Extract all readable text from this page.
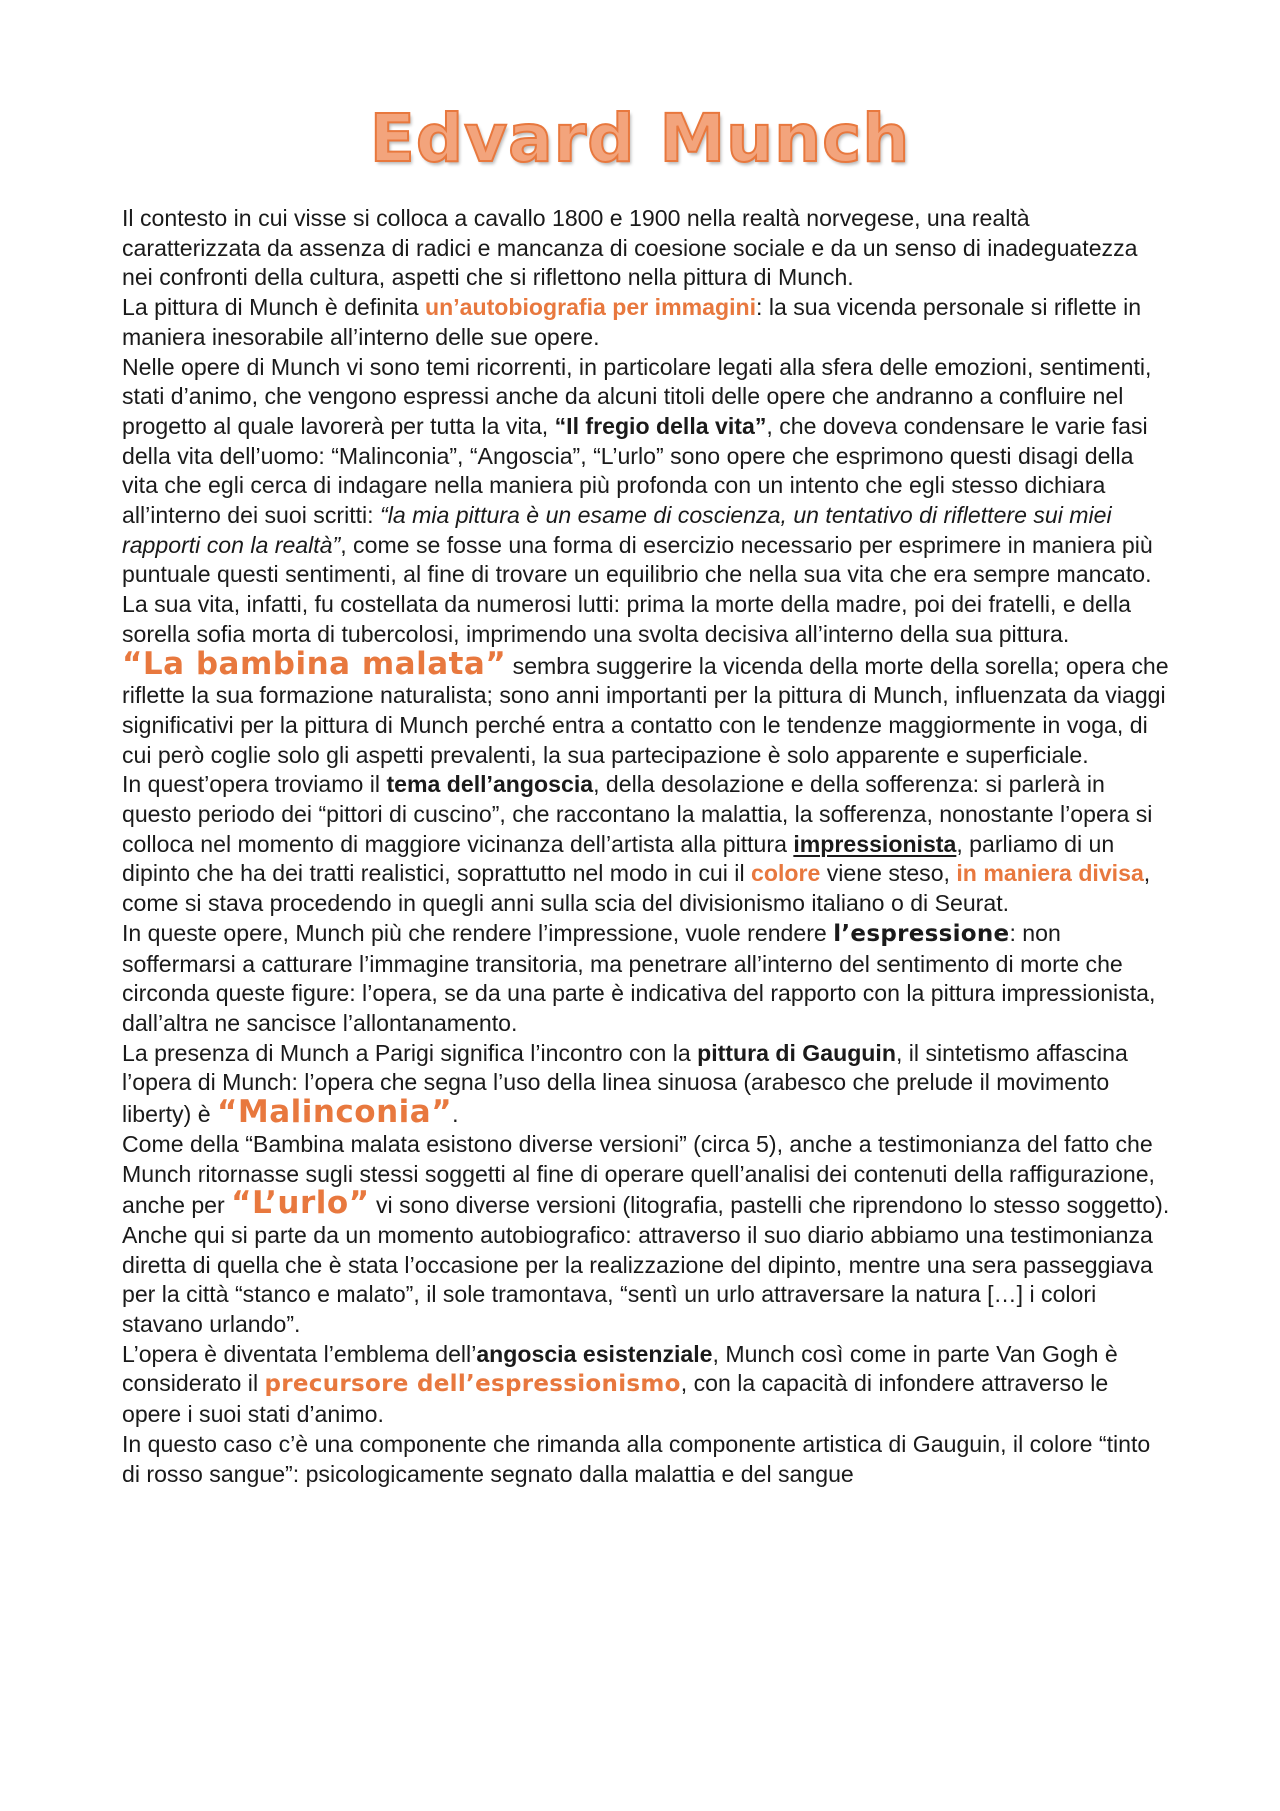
Edvard Munch

Il contesto in cui visse si colloca a cavallo 1800 e 1900 nella realtà norvegese, una realtà caratterizzata da assenza di radici e mancanza di coesione sociale e da un senso di inadeguatezza nei confronti della cultura, aspetti che si riflettono nella pittura di Munch.

La pittura di Munch è definita un’autobiografia per immagini: la sua vicenda personale si riflette in maniera inesorabile all’interno delle sue opere.

Nelle opere di Munch vi sono temi ricorrenti, in particolare legati alla sfera delle emozioni, sentimenti, stati d’animo, che vengono espressi anche da alcuni titoli delle opere che andranno a confluire nel progetto al quale lavorerà per tutta la vita, “Il fregio della vita”, che doveva condensare le varie fasi della vita dell’uomo: “Malinconia”, “Angoscia”, “L’urlo” sono opere che esprimono questi disagi della vita che egli cerca di indagare nella maniera più profonda con un intento che egli stesso dichiara all’interno dei suoi scritti: “la mia pittura è un esame di coscienza, un tentativo di riflettere sui miei rapporti con la realtà”, come se fosse una forma di esercizio necessario per esprimere in maniera più puntuale questi sentimenti, al fine di trovare un equilibrio che nella sua vita che era sempre mancato.

La sua vita, infatti, fu costellata da numerosi lutti: prima la morte della madre, poi dei fratelli, e della sorella sofia morta di tubercolosi, imprimendo una svolta decisiva all’interno della sua pittura.

“La bambina malata” sembra suggerire la vicenda della morte della sorella; opera che riflette la sua formazione naturalista; sono anni importanti per la pittura di Munch, influenzata da viaggi significativi per la pittura di Munch perché entra a contatto con le tendenze maggiormente in voga, di cui però coglie solo gli aspetti prevalenti, la sua partecipazione è solo apparente e superficiale.

In quest’opera troviamo il tema dell’angoscia, della desolazione e della sofferenza: si parlerà in questo periodo dei “pittori di cuscino”, che raccontano la malattia, la sofferenza, nonostante l’opera si colloca nel momento di maggiore vicinanza dell’artista alla pittura impressionista, parliamo di un dipinto che ha dei tratti realistici, soprattutto nel modo in cui il colore viene steso, in maniera divisa, come si stava procedendo in quegli anni sulla scia del divisionismo italiano o di Seurat.

In queste opere, Munch più che rendere l’impressione, vuole rendere l’espressione: non soffermarsi a catturare l’immagine transitoria, ma penetrare all’interno del sentimento di morte che circonda queste figure: l’opera, se da una parte è indicativa del rapporto con la pittura impressionista, dall’altra ne sancisce l’allontanamento.

La presenza di Munch a Parigi significa l’incontro con la pittura di Gauguin, il sintetismo affascina l’opera di Munch: l’opera che segna l’uso della linea sinuosa (arabesco che prelude il movimento liberty) è “Malinconia”.

Come della “Bambina malata esistono diverse versioni” (circa 5), anche a testimonianza del fatto che Munch ritornasse sugli stessi soggetti al fine di operare quell’analisi dei contenuti della raffigurazione, anche per “L’urlo” vi sono diverse versioni (litografia, pastelli che riprendono lo stesso soggetto).

Anche qui si parte da un momento autobiografico: attraverso il suo diario abbiamo una testimonianza diretta di quella che è stata l’occasione per la realizzazione del dipinto, mentre una sera passeggiava per la città “stanco e malato”, il sole tramontava, “sentì un urlo attraversare la natura […] i colori stavano urlando”.

L’opera è diventata l’emblema dell’angoscia esistenziale, Munch così come in parte Van Gogh è considerato il precursore dell’espressionismo, con la capacità di infondere attraverso le opere i suoi stati d’animo.

In questo caso c’è una componente che rimanda alla componente artistica di Gauguin, il colore “tinto di rosso sangue”: psicologicamente segnato dalla malattia e del sangue
